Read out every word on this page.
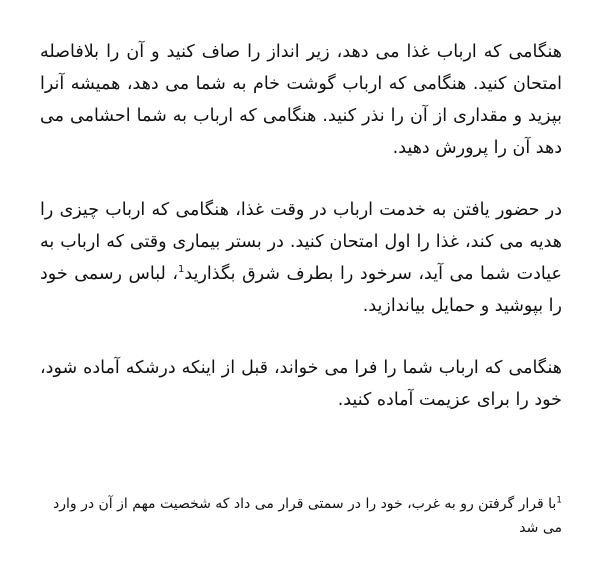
هنگامی که ارباب غذا می دهد، زیر انداز را صاف کنید و آن را بلافاصله امتحان کنید. هنگامی که ارباب گوشت خام به شما می دهد، همیشه آنرا بپزید و مقداری از آن را نذر کنید. هنگامی که ارباب به شما احشامی می دهد آن را پرورش دهید.

در حضور یافتن به خدمت ارباب در وقت غذا، هنگامی که ارباب چیزی را هدیه می کند، غذا را اول امتحان کنید. در بستر بیماری وقتی که ارباب به عیادت شما می آید، سرخود را بطرف شرق بگذارید$^1$، لباس رسمی خود را بپوشید و حمایل بیاندازید.

هنگامی که ارباب شما را فرا می خواند، قبل از اینکه درشکه آماده شود، خود را برای عزیمت آماده کنید.

$^1$با قرار گرفتن رو به غرب، خود را در سمتی قرار می داد که شخصیت مهم از آن در وارد می شد
